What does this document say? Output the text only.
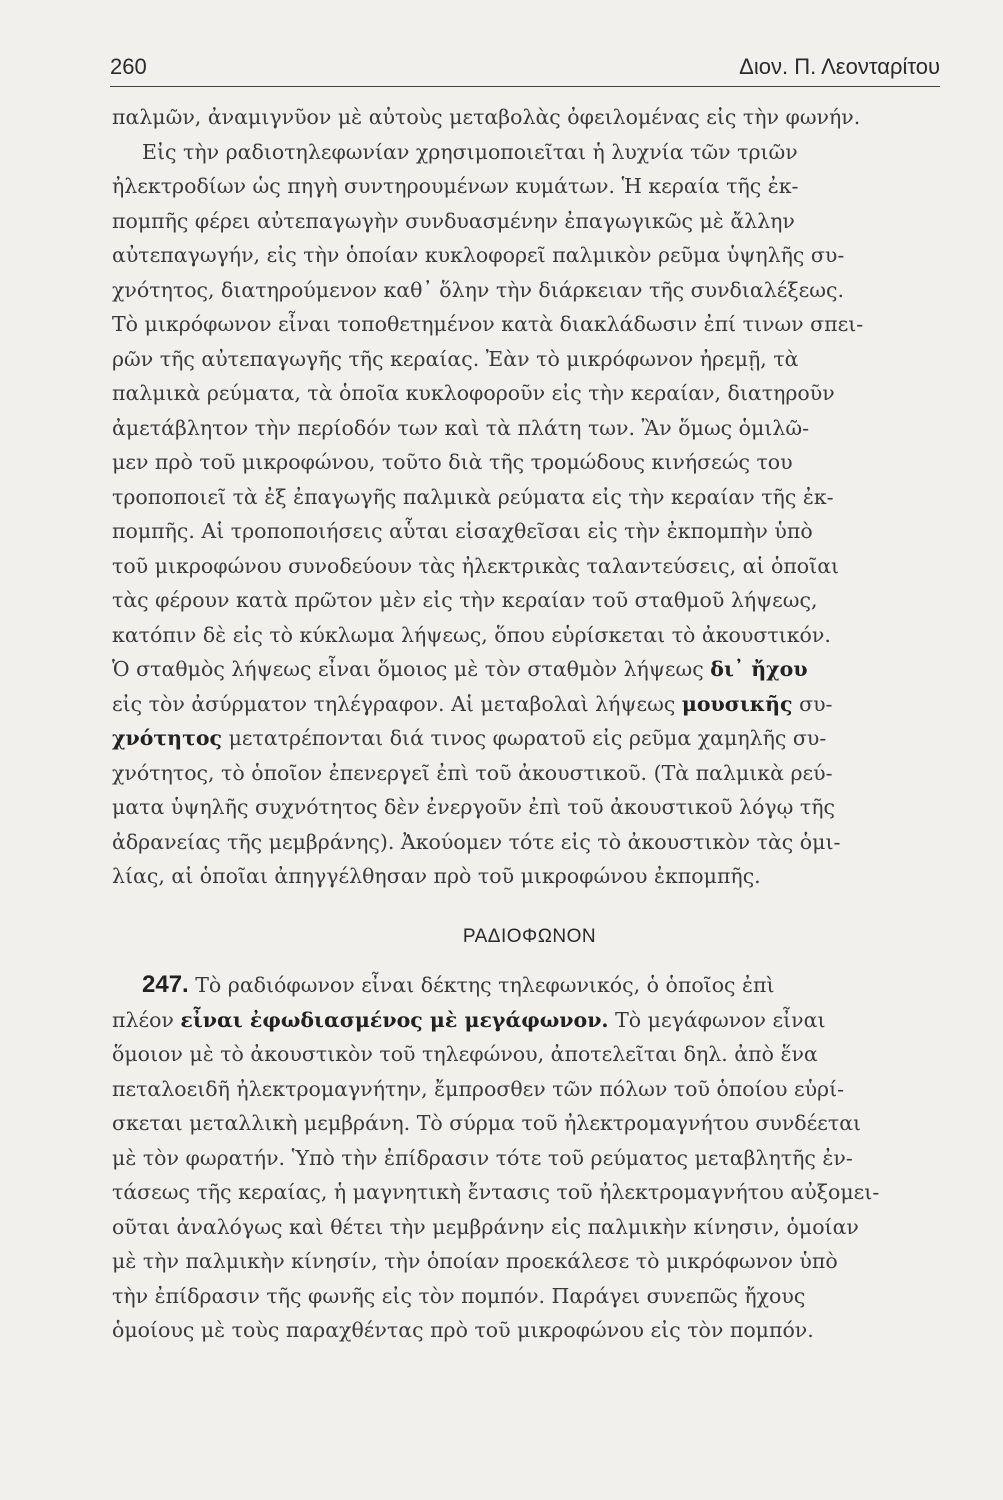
260	Διον. Π. Λεονταρίτου
παλμῶν, ἀναμιγνῦον μὲ αὐτοὺς μεταβολὰς ὀφειλομένας εἰς τὴν φωνήν.
Εἰς τὴν ραδιοτηλεφωνίαν χρησιμοποιεῖται ἡ λυχνία τῶν τριῶν
ἠλεκτροδίων ὡς πηγὴ συντηρουμένων κυμάτων. Ἡ κεραία τῆς ἐκ-
πομπῆς φέρει αὐτεπαγωγὴν συνδυασμένην ἐπαγωγικῶς μὲ ἄλλην
αὐτεπαγωγήν, εἰς τὴν ὁποίαν κυκλοφορεῖ παλμικὸν ρεῦμα ὑψηλῆς συ-
χνότητος, διατηρούμενον καθ᾽ ὅλην τὴν διάρκειαν τῆς συνδιαλέξεως.
Τὸ μικρόφωνον εἶναι τοποθετημένον κατὰ διακλάδωσιν ἐπί τινων σπει-
ρῶν τῆς αὐτεπαγωγῆς τῆς κεραίας. Ἐὰν τὸ μικρόφωνον ἠρεμῇ, τὰ
παλμικὰ ρεύματα, τὰ ὁποῖα κυκλοφοροῦν εἰς τὴν κεραίαν, διατηροῦν
ἀμετάβλητον τὴν περίοδόν των καὶ τὰ πλάτη των. Ἂν ὅμως ὁμιλῶ-
μεν πρὸ τοῦ μικροφώνου, τοῦτο διὰ τῆς τρομώδους κινήσεώς του
τροποποιεῖ τὰ ἐξ ἐπαγωγῆς παλμικὰ ρεύματα εἰς τὴν κεραίαν τῆς ἐκ-
πομπῆς. Αἱ τροποποιήσεις αὗται εἰσαχθεῖσαι εἰς τὴν ἐκπομπὴν ὑπὸ
τοῦ μικροφώνου συνοδεύουν τὰς ἠλεκτρικὰς ταλαντεύσεις, αἱ ὁποῖαι
τὰς φέρουν κατὰ πρῶτον μὲν εἰς τὴν κεραίαν τοῦ σταθμοῦ λήψεως,
κατόπιν δὲ εἰς τὸ κύκλωμα λήψεως, ὅπου εὑρίσκεται τὸ ἀκουστικόν.
Ὁ σταθμὸς λήψεως εἶναι ὅμοιος μὲ τὸν σταθμὸν λήψεως δι᾽ ἤχου
εἰς τὸν ἀσύρματον τηλέγραφον. Αἱ μεταβολαὶ λήψεως μουσικῆς συ-
χνότητος μετατρέπονται διά τινος φωρατοῦ εἰς ρεῦμα χαμηλῆς συ-
χνότητος, τὸ ὁποῖον ἐπενεργεῖ ἐπὶ τοῦ ἀκουστικοῦ. (Τὰ παλμικὰ ρεύ-
ματα ὑψηλῆς συχνότητος δὲν ἐνεργοῦν ἐπὶ τοῦ ἀκουστικοῦ λόγῳ τῆς
ἀδρανείας τῆς μεμβράνης). Ἀκούομεν τότε εἰς τὸ ἀκουστικὸν τὰς ὁμι-
λίας, αἱ ὁποῖαι ἀπηγγέλθησαν πρὸ τοῦ μικροφώνου ἐκπομπῆς.
ΡΑΔΙΟΦΩΝΟΝ
247. Τὸ ραδιόφωνον εἶναι δέκτης τηλεφωνικός, ὁ ὁποῖος ἐπὶ
πλέον εἶναι ἐφωδιασμένος μὲ μεγάφωνον. Τὸ μεγάφωνον εἶναι
ὅμοιον μὲ τὸ ἀκουστικὸν τοῦ τηλεφώνου, ἀποτελεῖται δηλ. ἀπὸ ἕνα
πεταλοειδῆ ἠλεκτρομαγνήτην, ἔμπροσθεν τῶν πόλων τοῦ ὁποίου εὑρί-
σκεται μεταλλικὴ μεμβράνη. Τὸ σύρμα τοῦ ἠλεκτρομαγνήτου συνδέεται
μὲ τὸν φωρατήν. Ὑπὸ τὴν ἐπίδρασιν τότε τοῦ ρεύματος μεταβλητῆς ἐν-
τάσεως τῆς κεραίας, ἡ μαγνητικὴ ἔντασις τοῦ ἠλεκτρομαγνήτου αὐξομει-
οῦται ἀναλόγως καὶ θέτει τὴν μεμβράνην εἰς παλμικὴν κίνησιν, ὁμοίαν
μὲ τὴν παλμικὴν κίνησίν, τὴν ὁποίαν προεκάλεσε τὸ μικρόφωνον ὑπὸ
τὴν ἐπίδρασιν τῆς φωνῆς εἰς τὸν πομπόν. Παράγει συνεπῶς ἤχους
ὁμοίους μὲ τοὺς παραχθέντας πρὸ τοῦ μικροφώνου εἰς τὸν πομπόν.
